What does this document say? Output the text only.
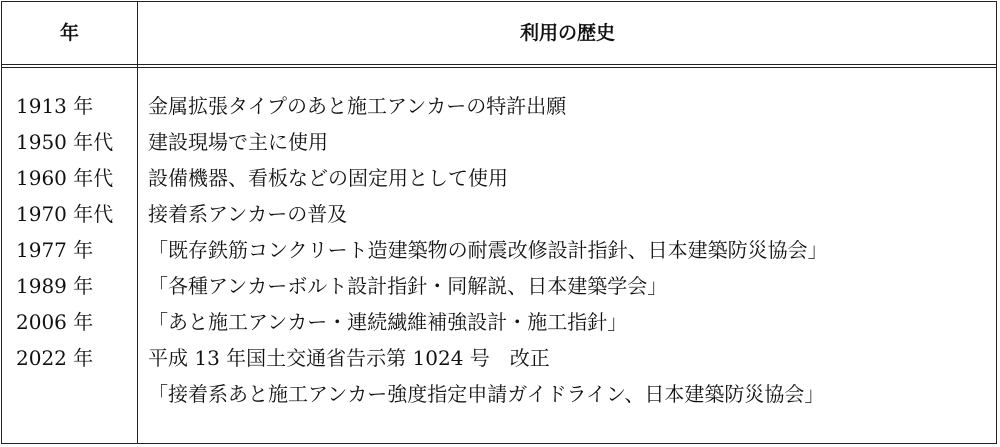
年	利用の歴史
1913 年	金属拡張タイプのあと施工アンカーの特許出願
1950 年代 建設現場で主に使用
1960 年代 設備機器、看板などの固定用として使用
1970 年代 接着系アンカーの普及
1977 年	「既存鉄筋コンクリート造建築物の耐震改修設計指針、日本建築防災協会」
1989 年	「各種アンカーボルト設計指針・同解説、日本建築学会」
2006 年	「あと施工アンカー・連続繊維補強設計・施工指針」
2022 年	平成 13 年国土交通省告示第 1024 号　改正
「接着系あと施工アンカー強度指定申請ガイドライン、日本建築防災協会」
